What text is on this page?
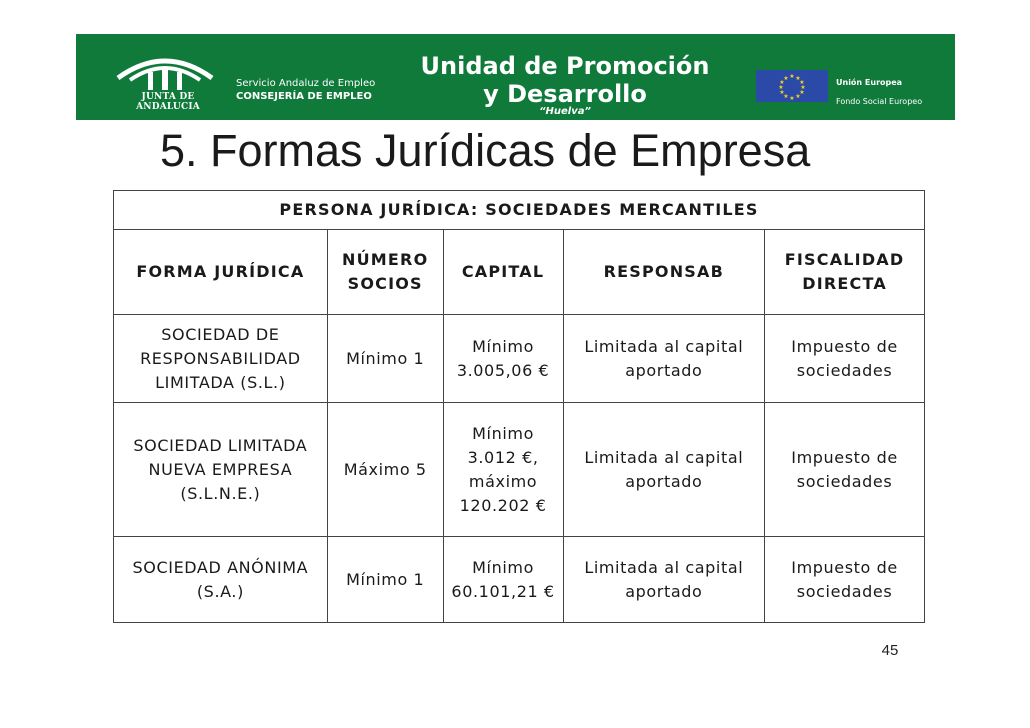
JUNTA DE ANDALUCIA
Servicio Andaluz de Empleo
CONSEJERÍA DE EMPLEO
Unidad de Promoción
y Desarrollo
“Huelva”
★ ★
★
★
★
★
★
★
★
★
★
★	Unión Europea
Fondo Social Europeo
5. Formas Jurídicas de Empresa
PERSONA JURÍDICA: SOCIEDADES MERCANTILES				
FORMA JURÍDICA	NÚMERO SOCIOS	CAPITAL	RESPONSAB	FISCALIDAD DIRECTA
SOCIEDAD DE RESPONSABILIDAD LIMITADA (S.L.)	Mínimo 1	Mínimo 3.005,06 €	Limitada al capital aportado	Impuesto de sociedades
SOCIEDAD LIMITADA NUEVA EMPRESA (S.L.N.E.)	Máximo 5	Mínimo 3.012 €, máximo 120.202 €	Limitada al capital aportado	Impuesto de sociedades
SOCIEDAD ANÓNIMA (S.A.)	Mínimo 1	Mínimo 60.101,21 €	Limitada al capital aportado	Impuesto de sociedades
45
